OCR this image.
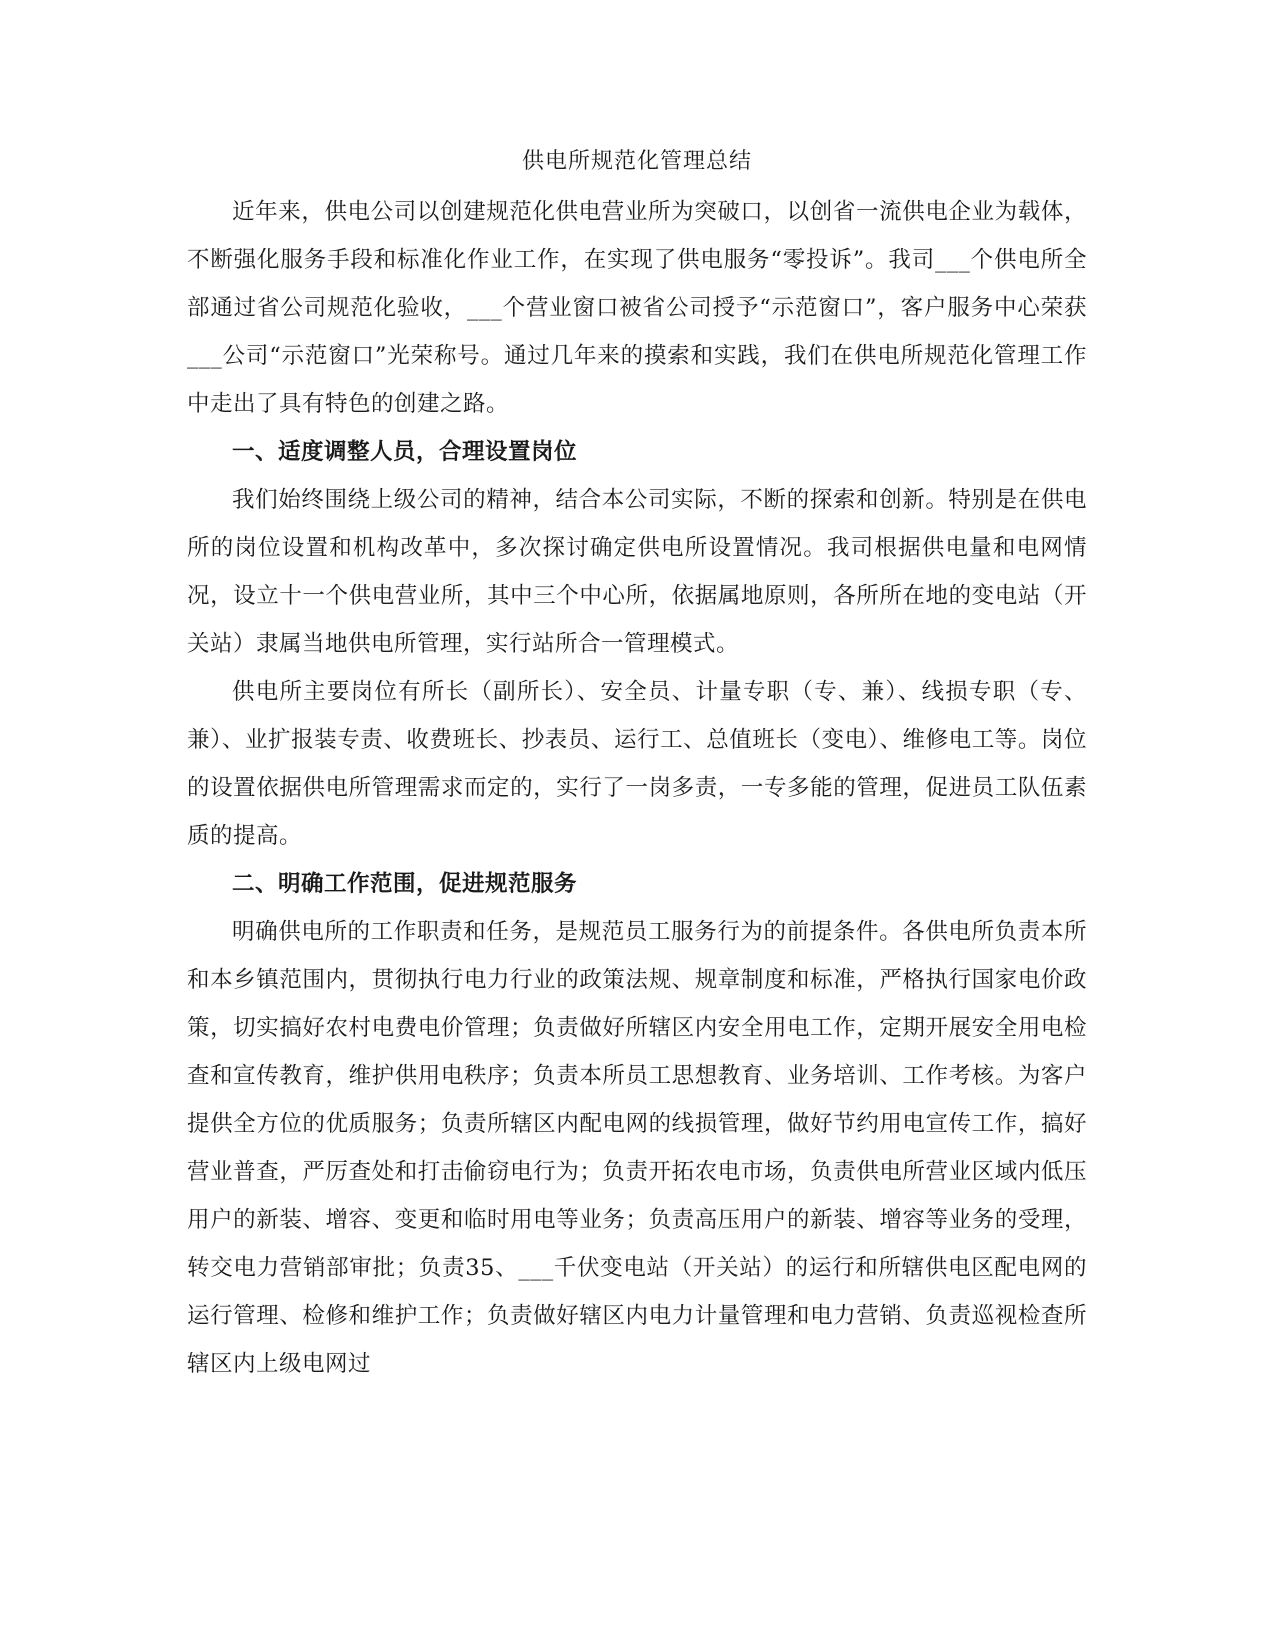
供电所规范化管理总结

近年来，供电公司以创建规范化供电营业所为突破口，以创省一流供电企业为载体，不断强化服务手段和标准化作业工作，在实现了供电服务“零投诉”。我司___个供电所全部通过省公司规范化验收，___个营业窗口被省公司授予“示范窗口”，客户服务中心荣获___公司“示范窗口”光荣称号。通过几年来的摸索和实践，我们在供电所规范化管理工作中走出了具有特色的创建之路。

一、适度调整人员，合理设置岗位

我们始终围绕上级公司的精神，结合本公司实际，不断的探索和创新。特别是在供电所的岗位设置和机构改革中，多次探讨确定供电所设置情况。我司根据供电量和电网情况，设立十一个供电营业所，其中三个中心所，依据属地原则，各所所在地的变电站（开关站）隶属当地供电所管理，实行站所合一管理模式。

供电所主要岗位有所长（副所长）、安全员、计量专职（专、兼）、线损专职（专、兼）、业扩报装专责、收费班长、抄表员、运行工、总值班长（变电）、维修电工等。岗位的设置依据供电所管理需求而定的，实行了一岗多责，一专多能的管理，促进员工队伍素质的提高。

二、明确工作范围，促进规范服务

明确供电所的工作职责和任务，是规范员工服务行为的前提条件。各供电所负责本所和本乡镇范围内，贯彻执行电力行业的政策法规、规章制度和标准，严格执行国家电价政策，切实搞好农村电费电价管理；负责做好所辖区内安全用电工作，定期开展安全用电检查和宣传教育，维护供用电秩序；负责本所员工思想教育、业务培训、工作考核。为客户提供全方位的优质服务；负责所辖区内配电网的线损管理，做好节约用电宣传工作，搞好营业普查，严厉查处和打击偷窃电行为；负责开拓农电市场，负责供电所营业区域内低压用户的新装、增容、变更和临时用电等业务；负责高压用户的新装、增容等业务的受理，转交电力营销部审批；负责35、___千伏变电站（开关站）的运行和所辖供电区配电网的运行管理、检修和维护工作；负责做好辖区内电力计量管理和电力营销、负责巡视检查所辖区内上级电网过
